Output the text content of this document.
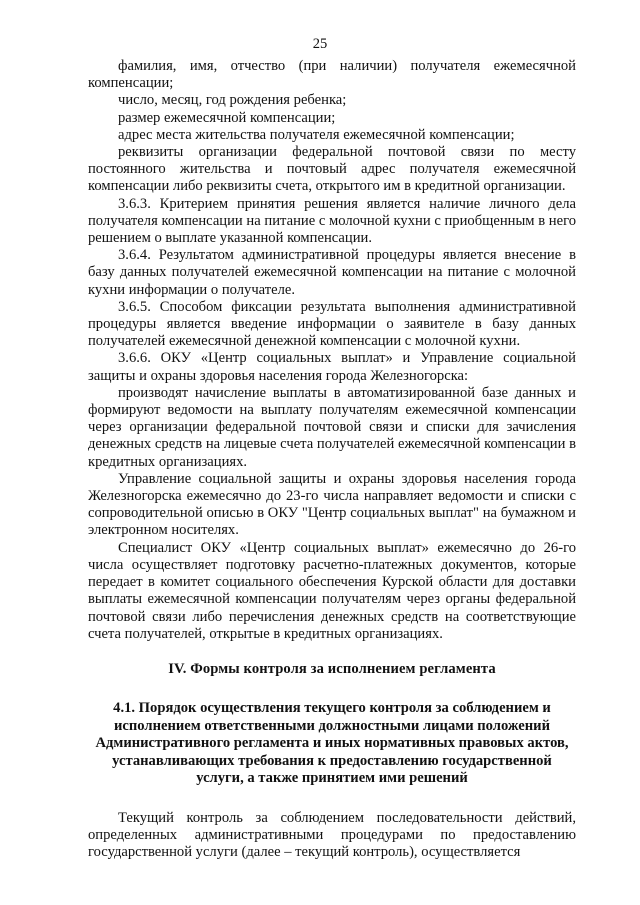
25

фамилия, имя, отчество (при наличии) получателя ежемесячной компенсации;

число, месяц, год рождения ребенка;

размер ежемесячной компенсации;

адрес места жительства получателя ежемесячной компенсации;

реквизиты организации федеральной почтовой связи по месту постоянного жительства и почтовый адрес получателя ежемесячной компенсации либо реквизиты счета, открытого им в кредитной организации.

3.6.3. Критерием принятия решения является наличие личного дела получателя компенсации на питание с молочной кухни с приобщенным в него решением о выплате указанной компенсации.

3.6.4. Результатом административной процедуры является внесение в базу данных получателей ежемесячной компенсации на питание с молочной кухни информации о получателе.

3.6.5. Способом фиксации результата выполнения административной процедуры является введение информации о заявителе в базу данных получателей ежемесячной денежной компенсации с молочной кухни.

3.6.6. ОКУ «Центр социальных выплат» и Управление социальной защиты и охраны здоровья населения города Железногорска:

производят начисление выплаты в автоматизированной базе данных и формируют ведомости на выплату получателям ежемесячной компенсации через организации федеральной почтовой связи и списки для зачисления денежных средств на лицевые счета получателей ежемесячной компенсации в кредитных организациях.

Управление социальной защиты и охраны здоровья населения города Железногорска ежемесячно до 23-го числа направляет ведомости и списки с сопроводительной описью в ОКУ "Центр социальных выплат" на бумажном и электронном носителях.

Специалист ОКУ «Центр социальных выплат» ежемесячно до 26-го числа осуществляет подготовку расчетно-платежных документов, которые передает в комитет социального обеспечения Курской области для доставки выплаты ежемесячной компенсации получателям через органы федеральной почтовой связи либо перечисления денежных средств на соответствующие счета получателей, открытые в кредитных организациях.

IV. Формы контроля за исполнением регламента
4.1. Порядок осуществления текущего контроля за соблюдением и исполнением ответственными должностными лицами положений Административного регламента и иных нормативных правовых актов, устанавливающих требования к предоставлению государственной услуги, а также принятием ими решений

Текущий контроль за соблюдением последовательности действий, определенных административными процедурами по предоставлению государственной услуги (далее – текущий контроль), осуществляется
